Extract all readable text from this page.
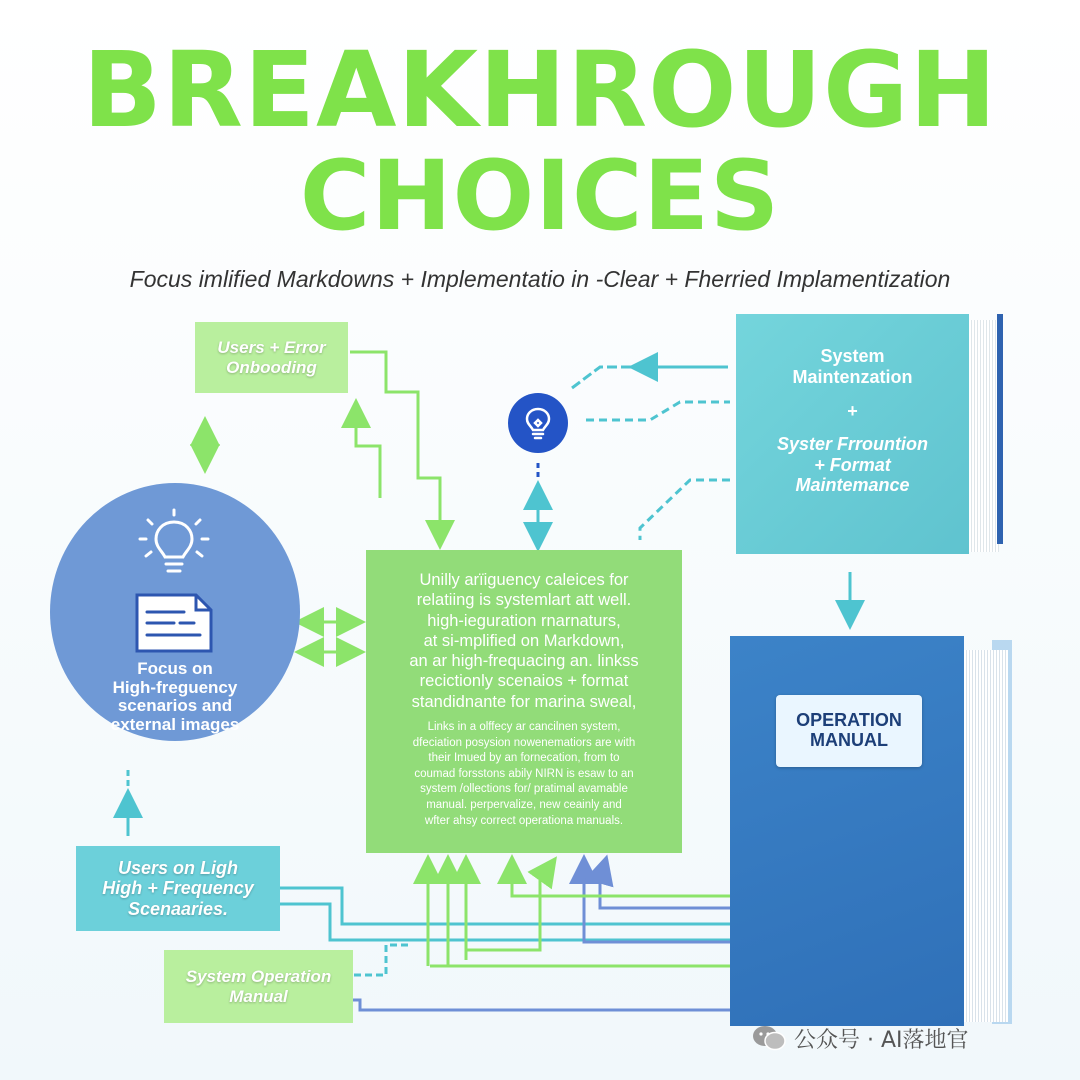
BREAKHROUGH
CHOICES
Focus imlified Markdowns + Implementatio in -Clear + Fherried Implamentization
Users + Error
Onbooding
Focus on
High-freguency
scenarios and
external images
Users on Ligh
High + Frequency
Scenaaries.
System Operation
Manual
Unilly arïiguency caleices for
relatiing is systemlart att well.
high-ieguration rnarnaturs,
at si-mplified on Markdown,
an ar high-frequacing an. linkss
recictionly scenaios + format
standidnante for marina sweal,
Links in a olffecy ar cancilnen system,
dfeciation posysion nowenematiors are with
their Imued by an fornecation, from to
coumad forsstons abily NIRN is esaw to an
system /ollections for/ pratimal avamable
manual. perpervalize, new ceainly and
wfter ahsy correct operationa manuals.
System
Maintenzation
+
Syster Frrountion
+ Format
Maintemance
OPERATION
MANUAL
公众号 · AI落地官
